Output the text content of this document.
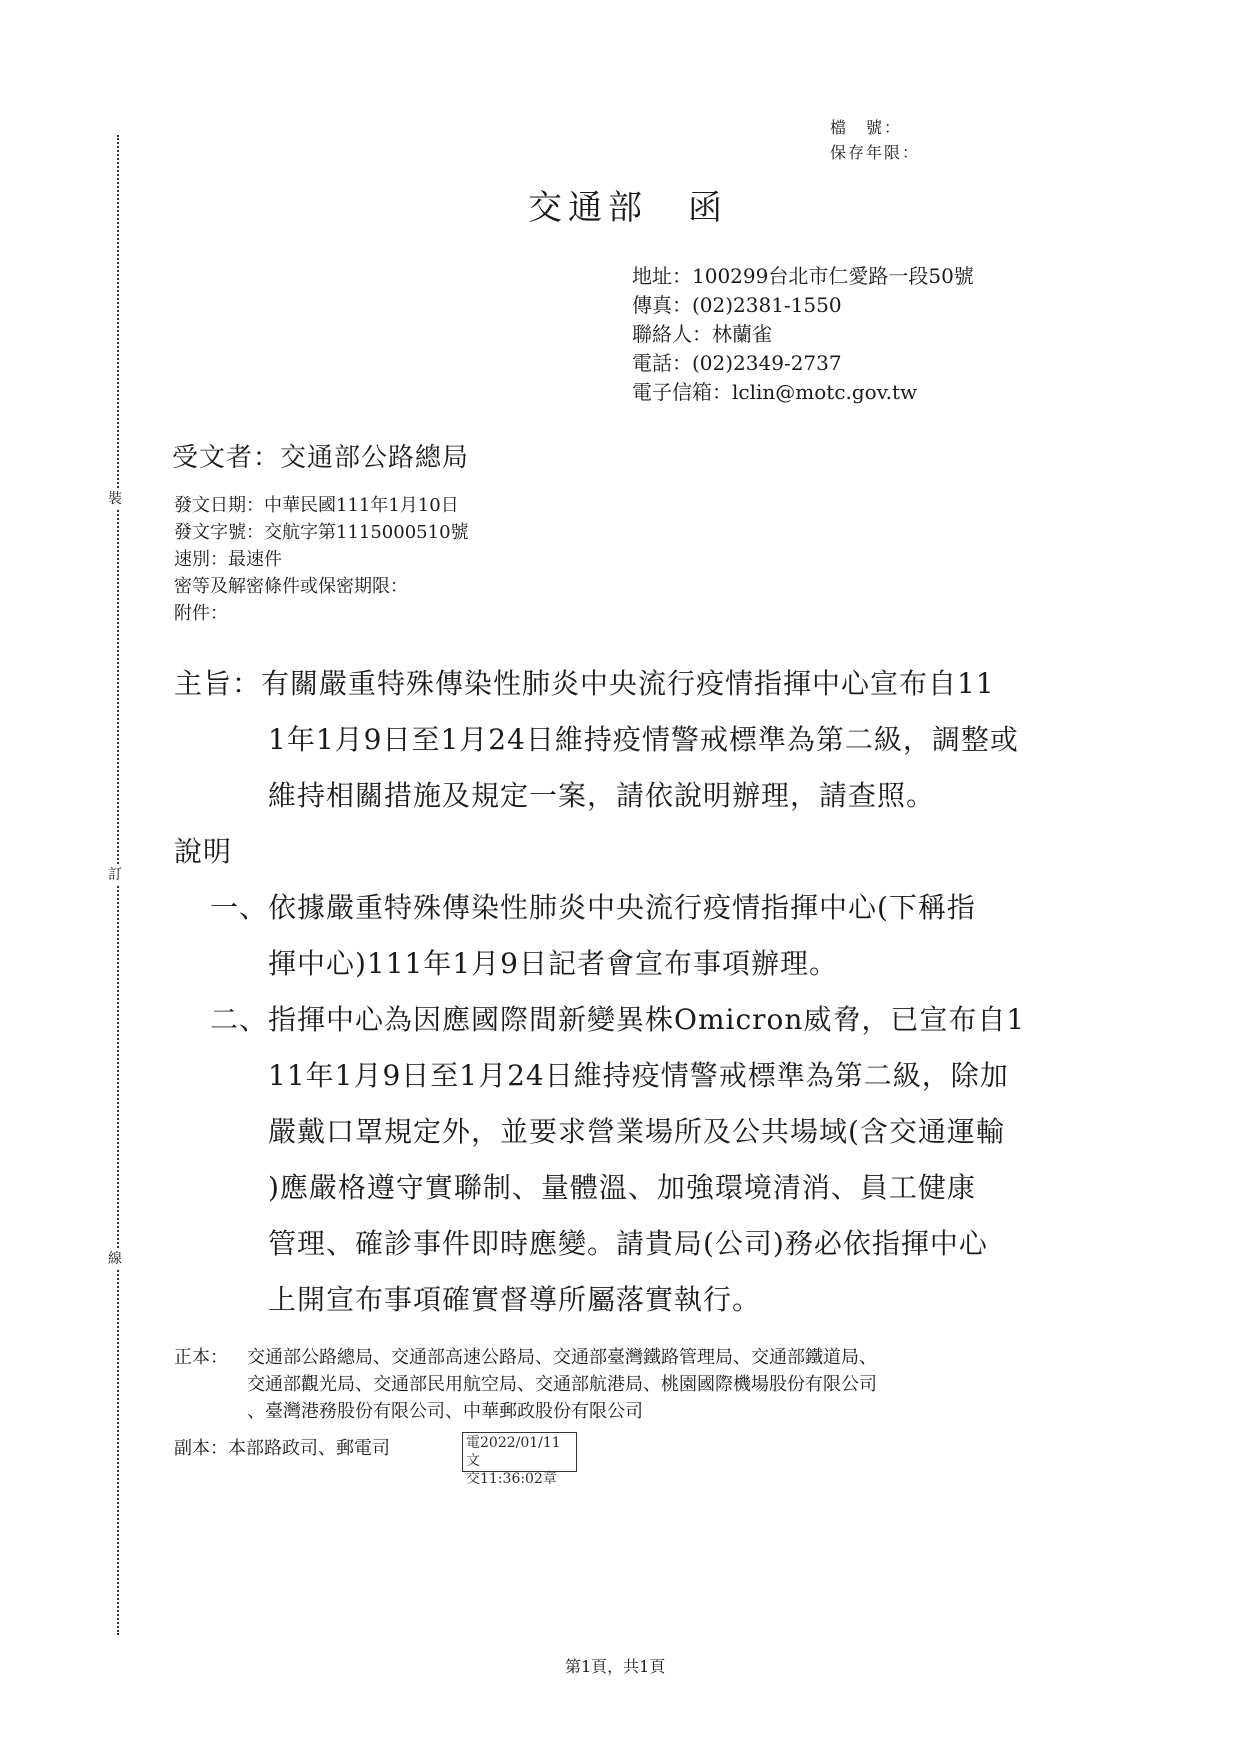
裝
訂
線
檔　號：
保存年限：
交通部　函
地址：100299台北市仁愛路一段50號
傳真：(02)2381-1550
聯絡人：林蘭雀
電話：(02)2349-2737
電子信箱：lclin@motc.gov.tw
受文者：交通部公路總局
發文日期：中華民國111年1月10日
發文字號：交航字第1115000510號
速別：最速件
密等及解密條件或保密期限：
附件：
主旨：有關嚴重特殊傳染性肺炎中央流行疫情指揮中心宣布自11
1年1月9日至1月24日維持疫情警戒標準為第二級，調整或
維持相關措施及規定一案，請依說明辦理，請查照。
說明
一、依據嚴重特殊傳染性肺炎中央流行疫情指揮中心(下稱指
揮中心)111年1月9日記者會宣布事項辦理。
二、指揮中心為因應國際間新變異株Omicron威脅，已宣布自1
11年1月9日至1月24日維持疫情警戒標準為第二級，除加
嚴戴口罩規定外，並要求營業場所及公共場域(含交通運輸
)應嚴格遵守實聯制、量體溫、加強環境清消、員工健康
管理、確診事件即時應變。請貴局(公司)務必依指揮中心
上開宣布事項確實督導所屬落實執行。
正本： 交通部公路總局、交通部高速公路局、交通部臺灣鐵路管理局、交通部鐵道局、
交通部觀光局、交通部民用航空局、交通部航港局、桃園國際機場股份有限公司
、臺灣港務股份有限公司、中華郵政股份有限公司
副本：本部路政司、郵電司	電2022/01/11文
交11:36:02章
第1頁，共1頁
